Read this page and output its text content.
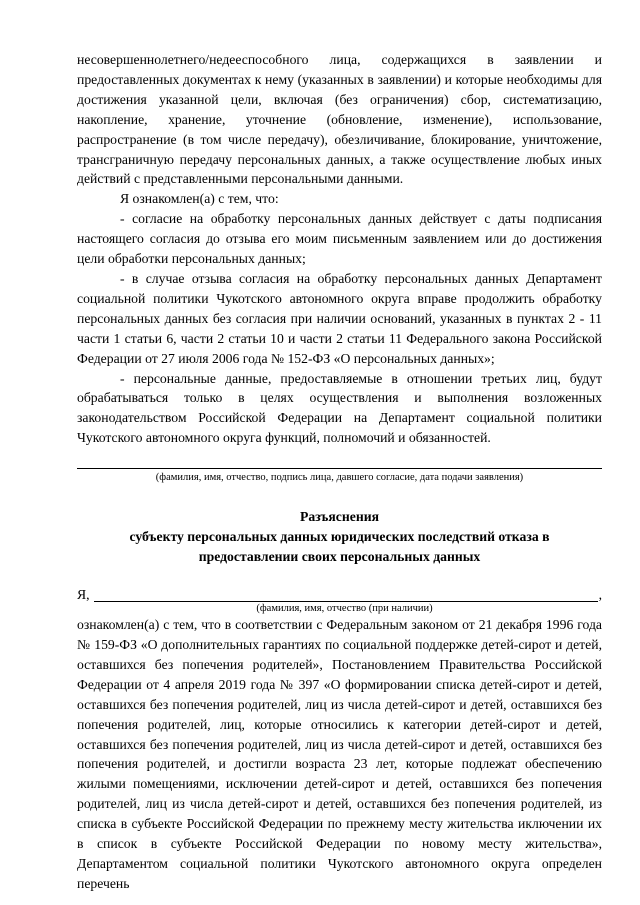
несовершеннолетнего/недееспособного лица, содержащихся в заявлении и предоставленных документах к нему (указанных в заявлении) и которые необходимы для достижения указанной цели, включая (без ограничения) сбор, систематизацию, накопление, хранение, уточнение (обновление, изменение), использование, распространение (в том числе передачу), обезличивание, блокирование, уничтожение, трансграничную передачу персональных данных, а также осуществление любых иных действий с представленными персональными данными.

Я ознакомлен(а) с тем, что:

- согласие на обработку персональных данных действует с даты подписания настоящего согласия до отзыва его моим письменным заявлением или до достижения цели обработки персональных данных;

- в случае отзыва согласия на обработку персональных данных Департамент социальной политики Чукотского автономного округа вправе продолжить обработку персональных данных без согласия при наличии оснований, указанных в пунктах 2 - 11 части 1 статьи 6, части 2 статьи 10 и части 2 статьи 11 Федерального закона Российской Федерации от 27 июля 2006 года № 152-ФЗ «О персональных данных»;

- персональные данные, предоставляемые в отношении третьих лиц, будут обрабатываться только в целях осуществления и выполнения возложенных законодательством Российской Федерации на Департамент социальной политики Чукотского автономного округа функций, полномочий и обязанностей.

(фамилия, имя, отчество, подпись лица, давшего согласие, дата подачи заявления)
Разъяснения
субъекту персональных данных юридических последствий отказа в
предоставлении своих персональных данных
Я,	,
(фамилия, имя, отчество (при наличии)

ознакомлен(а) с тем, что в соответствии с Федеральным законом от 21 декабря 1996 года № 159-ФЗ «О дополнительных гарантиях по социальной поддержке детей-сирот и детей, оставшихся без попечения родителей», Постановлением Правительства Российской Федерации от 4 апреля 2019 года № 397 «О формировании списка детей-сирот и детей, оставшихся без попечения родителей, лиц из числа детей-сирот и детей, оставшихся без попечения родителей, лиц, которые относились к категории детей-сирот и детей, оставшихся без попечения родителей, лиц из числа детей-сирот и детей, оставшихся без попечения родителей, и достигли возраста 23 лет, которые подлежат обеспечению жилыми помещениями, исключении детей-сирот и детей, оставшихся без попечения родителей, лиц из числа детей-сирот и детей, оставшихся без попечения родителей, из списка в субъекте Российской Федерации по прежнему месту жительства иключении их в список в субъекте Российской Федерации по новому месту жительства», Департаментом социальной политики Чукотского автономного округа определен перечень
